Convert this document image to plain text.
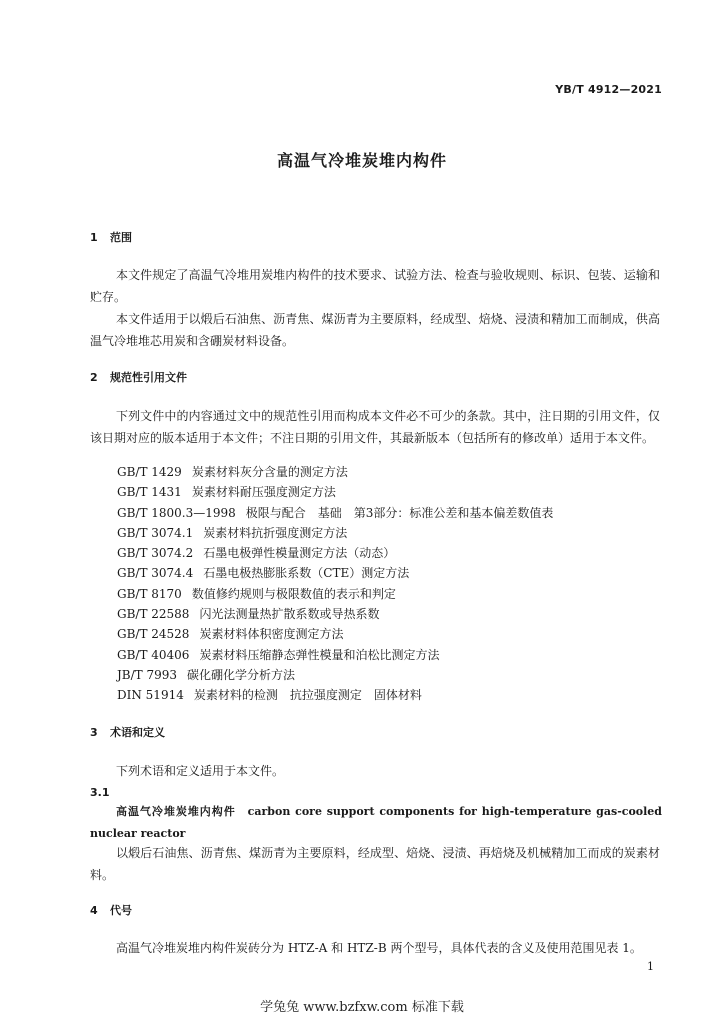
YB/T 4912—2021
高温气冷堆炭堆内构件
1 范围
本文件规定了高温气冷堆用炭堆内构件的技术要求、试验方法、检查与验收规则、标识、包装、运输和贮存。
本文件适用于以煅后石油焦、沥青焦、煤沥青为主要原料，经成型、焙烧、浸渍和精加工而制成，供高温气冷堆堆芯用炭和含硼炭材料设备。
2 规范性引用文件
下列文件中的内容通过文中的规范性引用而构成本文件必不可少的条款。其中，注日期的引用文件，仅该日期对应的版本适用于本文件；不注日期的引用文件，其最新版本（包括所有的修改单）适用于本文件。
GB/T 1429 炭素材料灰分含量的测定方法
GB/T 1431 炭素材料耐压强度测定方法
GB/T 1800.3—1998 极限与配合　基础　第3部分：标准公差和基本偏差数值表
GB/T 3074.1 炭素材料抗折强度测定方法
GB/T 3074.2 石墨电极弹性模量测定方法（动态）
GB/T 3074.4 石墨电极热膨胀系数（CTE）测定方法
GB/T 8170 数值修约规则与极限数值的表示和判定
GB/T 22588 闪光法测量热扩散系数或导热系数
GB/T 24528 炭素材料体积密度测定方法
GB/T 40406 炭素材料压缩静态弹性模量和泊松比测定方法
JB/T 7993 碳化硼化学分析方法
DIN 51914 炭素材料的检测　抗拉强度测定　固体材料
3 术语和定义
下列术语和定义适用于本文件。
3.1
高温气冷堆炭堆内构件 carbon core support components for high-temperature gas-cooled nuclear reactor
以煅后石油焦、沥青焦、煤沥青为主要原料，经成型、焙烧、浸渍、再焙烧及机械精加工而成的炭素材料。
4 代号
高温气冷堆炭堆内构件炭砖分为 HTZ-A 和 HTZ-B 两个型号，具体代表的含义及使用范围见表 1。
1
学兔兔 www.bzfxw.com 标准下载
